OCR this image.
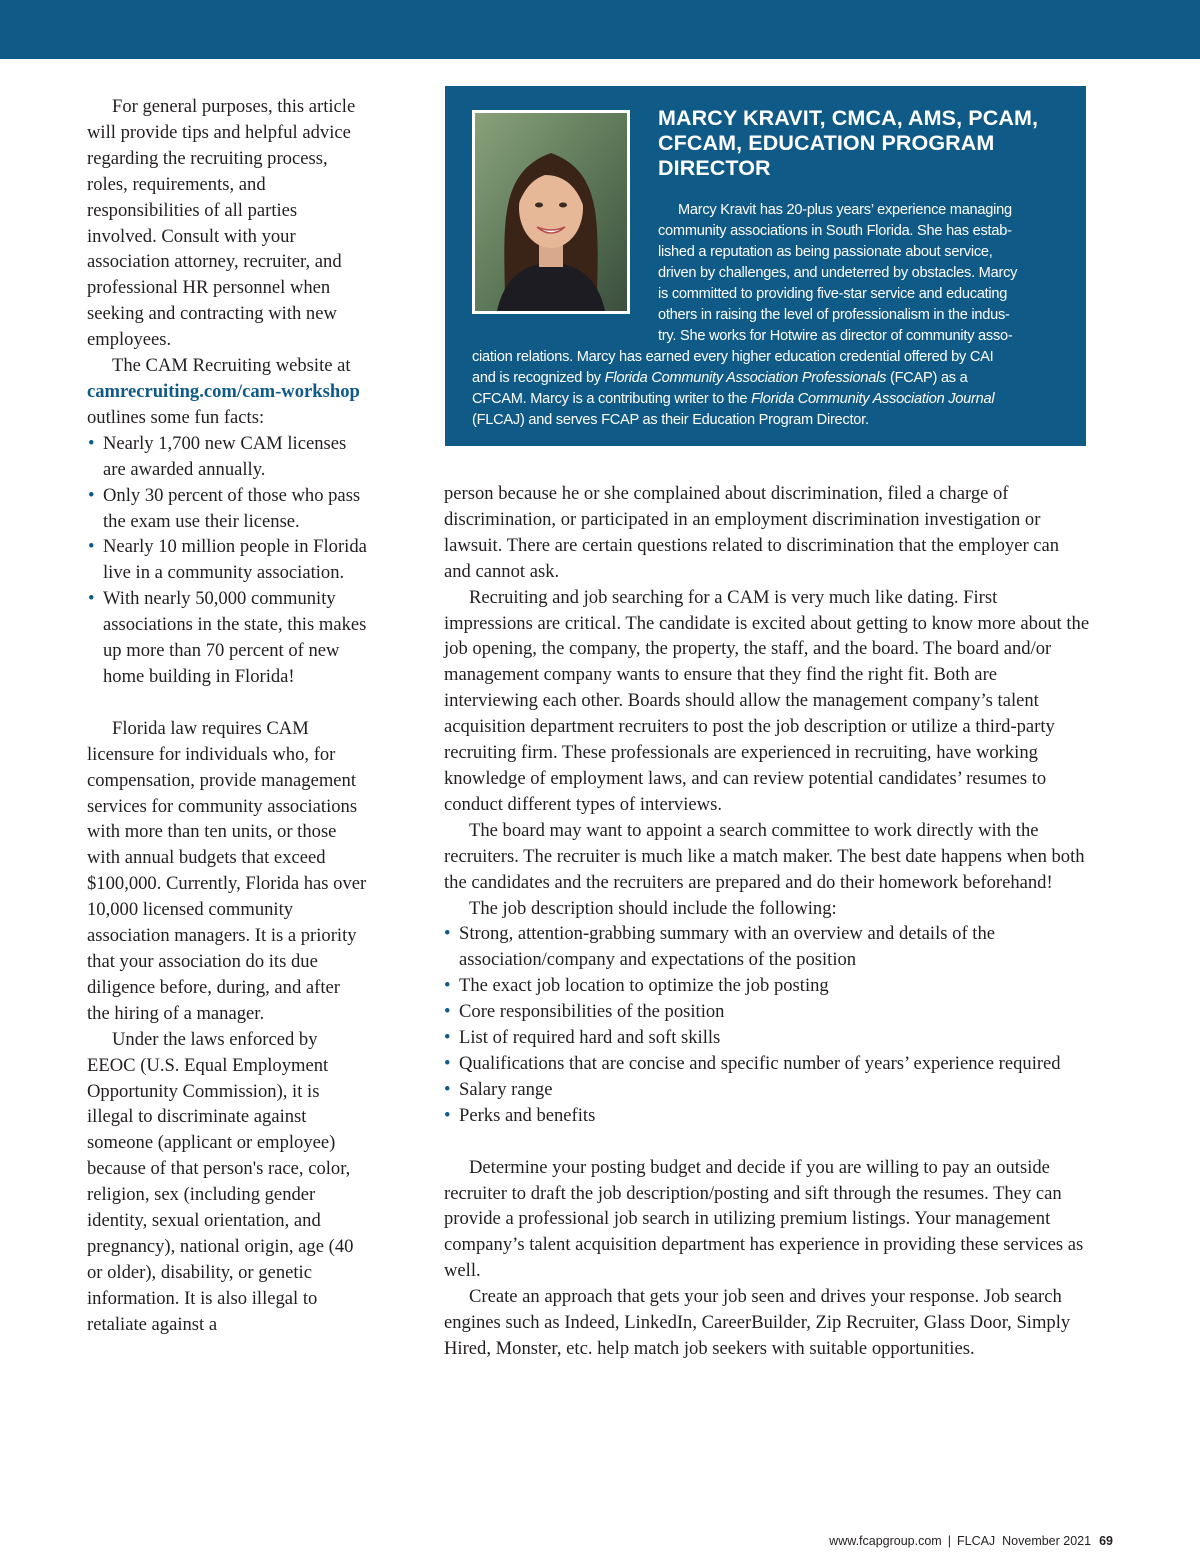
For general purposes, this article will provide tips and helpful advice regarding the recruiting process, roles, requirements, and responsibilities of all parties involved. Consult with your association attorney, recruiter, and professional HR personnel when seeking and contracting with new employees.

The CAM Recruiting website at camrecruiting.com/cam-workshop outlines some fun facts:

• Nearly 1,700 new CAM licenses are awarded annually.
• Only 30 percent of those who pass the exam use their license.
• Nearly 10 million people in Florida live in a community association.
• With nearly 50,000 community associations in the state, this makes up more than 70 percent of new home building in Florida!

Florida law requires CAM licensure for individuals who, for compensation, provide management services for community associations with more than ten units, or those with annual budgets that exceed $100,000. Currently, Florida has over 10,000 licensed community association managers. It is a priority that your association do its due diligence before, during, and after the hiring of a manager.

Under the laws enforced by EEOC (U.S. Equal Employment Opportunity Commission), it is illegal to discriminate against someone (applicant or employee) because of that person's race, color, religion, sex (including gender identity, sexual orientation, and pregnancy), national origin, age (40 or older), disability, or genetic information. It is also illegal to retaliate against a

MARCY KRAVIT, CMCA, AMS, PCAM, CFCAM, EDUCATION PROGRAM DIRECTOR
Marcy Kravit has 20-plus years’ experience managing
community associations in South Florida. She has estab-
lished a reputation as being passionate about service,
driven by challenges, and undeterred by obstacles. Marcy
is committed to providing five-star service and educating
others in raising the level of professionalism in the indus-
try. She works for Hotwire as director of community asso-
ciation relations. Marcy has earned every higher education credential offered by CAI
and is recognized by Florida Community Association Professionals (FCAP) as a
CFCAM. Marcy is a contributing writer to the Florida Community Association Journal
(FLCAJ) and serves FCAP as their Education Program Director.

person because he or she complained about discrimination, filed a charge of discrimination, or participated in an employment discrimination investigation or lawsuit. There are certain questions related to discrimination that the employer can and cannot ask.

Recruiting and job searching for a CAM is very much like dating. First impressions are critical. The candidate is excited about getting to know more about the job opening, the company, the property, the staff, and the board. The board and/or management company wants to ensure that they find the right fit. Both are interviewing each other. Boards should allow the management company’s talent acquisition department recruiters to post the job description or utilize a third-party recruiting firm. These professionals are experienced in recruiting, have working knowledge of employment laws, and can review potential candidates’ resumes to conduct different types of interviews.

The board may want to appoint a search committee to work directly with the recruiters. The recruiter is much like a match maker. The best date happens when both the candidates and the recruiters are prepared and do their homework beforehand!

The job description should include the following:

• Strong, attention-grabbing summary with an overview and details of the association/company and expectations of the position
• The exact job location to optimize the job posting
• Core responsibilities of the position
• List of required hard and soft skills
• Qualifications that are concise and specific number of years’ experience required
• Salary range
• Perks and benefits

Determine your posting budget and decide if you are willing to pay an outside recruiter to draft the job description/posting and sift through the resumes. They can provide a professional job search in utilizing premium listings. Your management company’s talent acquisition department has experience in providing these services as well.

Create an approach that gets your job seen and drives your response. Job search engines such as Indeed, LinkedIn, CareerBuilder, Zip Recruiter, Glass Door, Simply Hired, Monster, etc. help match job seekers with suitable opportunities.

www.fcapgroup.com | FLCAJ November 2021 69
